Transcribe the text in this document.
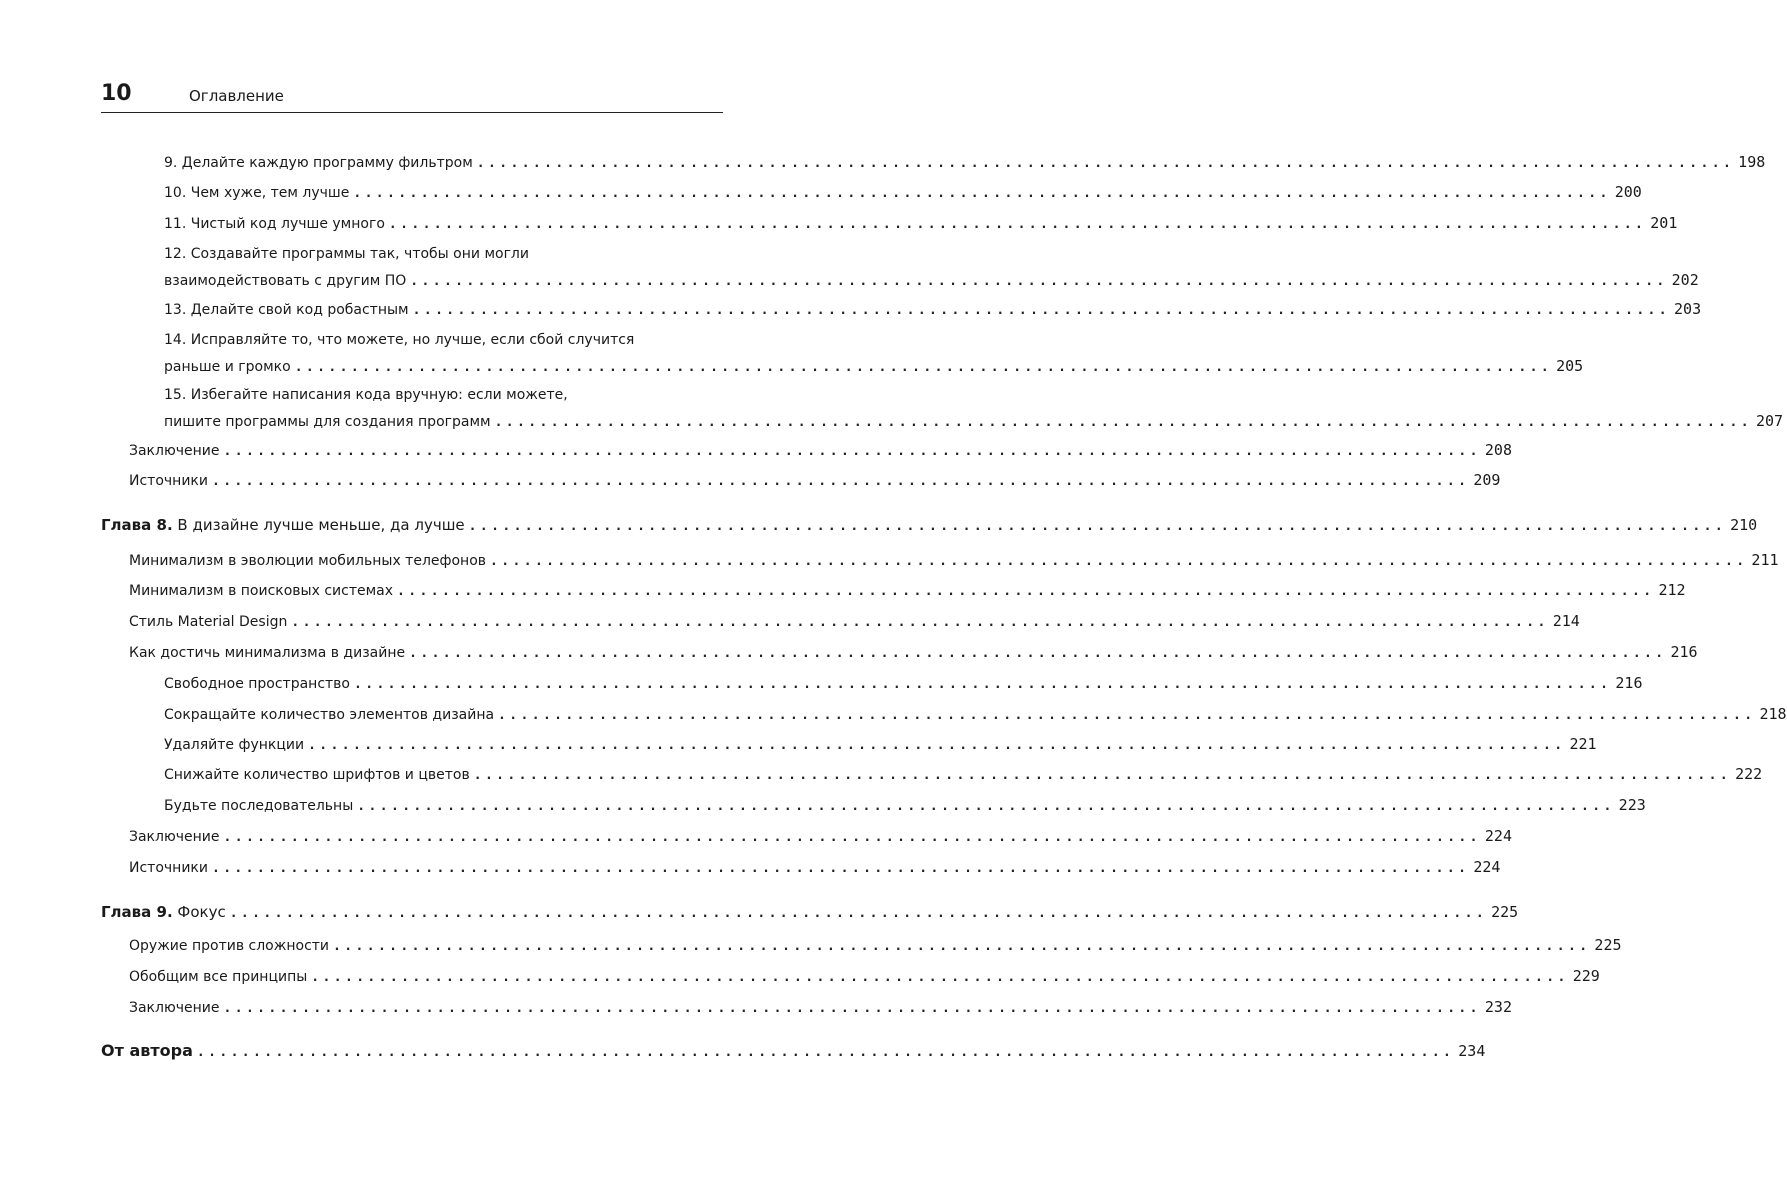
10	Оглавление
9. Делайте каждую программу фильтром ................................................................................................................ 198
10. Чем хуже, тем лучше ................................................................................................................ 200
11. Чистый код лучше умного ................................................................................................................ 201
12. Создавайте программы так, чтобы они могли
взаимодействовать с другим ПО ................................................................................................................ 202
13. Делайте свой код робастным ................................................................................................................ 203
14. Исправляйте то, что можете, но лучше, если сбой случится
раньше и громко ................................................................................................................ 205
15. Избегайте написания кода вручную: если можете,
пишите программы для создания программ ................................................................................................................ 207
Заключение ................................................................................................................ 208
Источники ................................................................................................................ 209
Глава 8. В дизайне лучше меньше, да лучше ................................................................................................................ 210
Минимализм в эволюции мобильных телефонов ................................................................................................................ 211
Минимализм в поисковых системах ................................................................................................................ 212
Стиль Material Design ................................................................................................................ 214
Как достичь минимализма в дизайне ................................................................................................................ 216
Свободное пространство ................................................................................................................ 216
Сокращайте количество элементов дизайна ................................................................................................................ 218
Удаляйте функции ................................................................................................................ 221
Снижайте количество шрифтов и цветов ................................................................................................................ 222
Будьте последовательны ................................................................................................................ 223
Заключение ................................................................................................................ 224
Источники ................................................................................................................ 224
Глава 9. Фокус ................................................................................................................ 225
Оружие против сложности ................................................................................................................ 225
Обобщим все принципы ................................................................................................................ 229
Заключение ................................................................................................................ 232
От автора ................................................................................................................ 234
